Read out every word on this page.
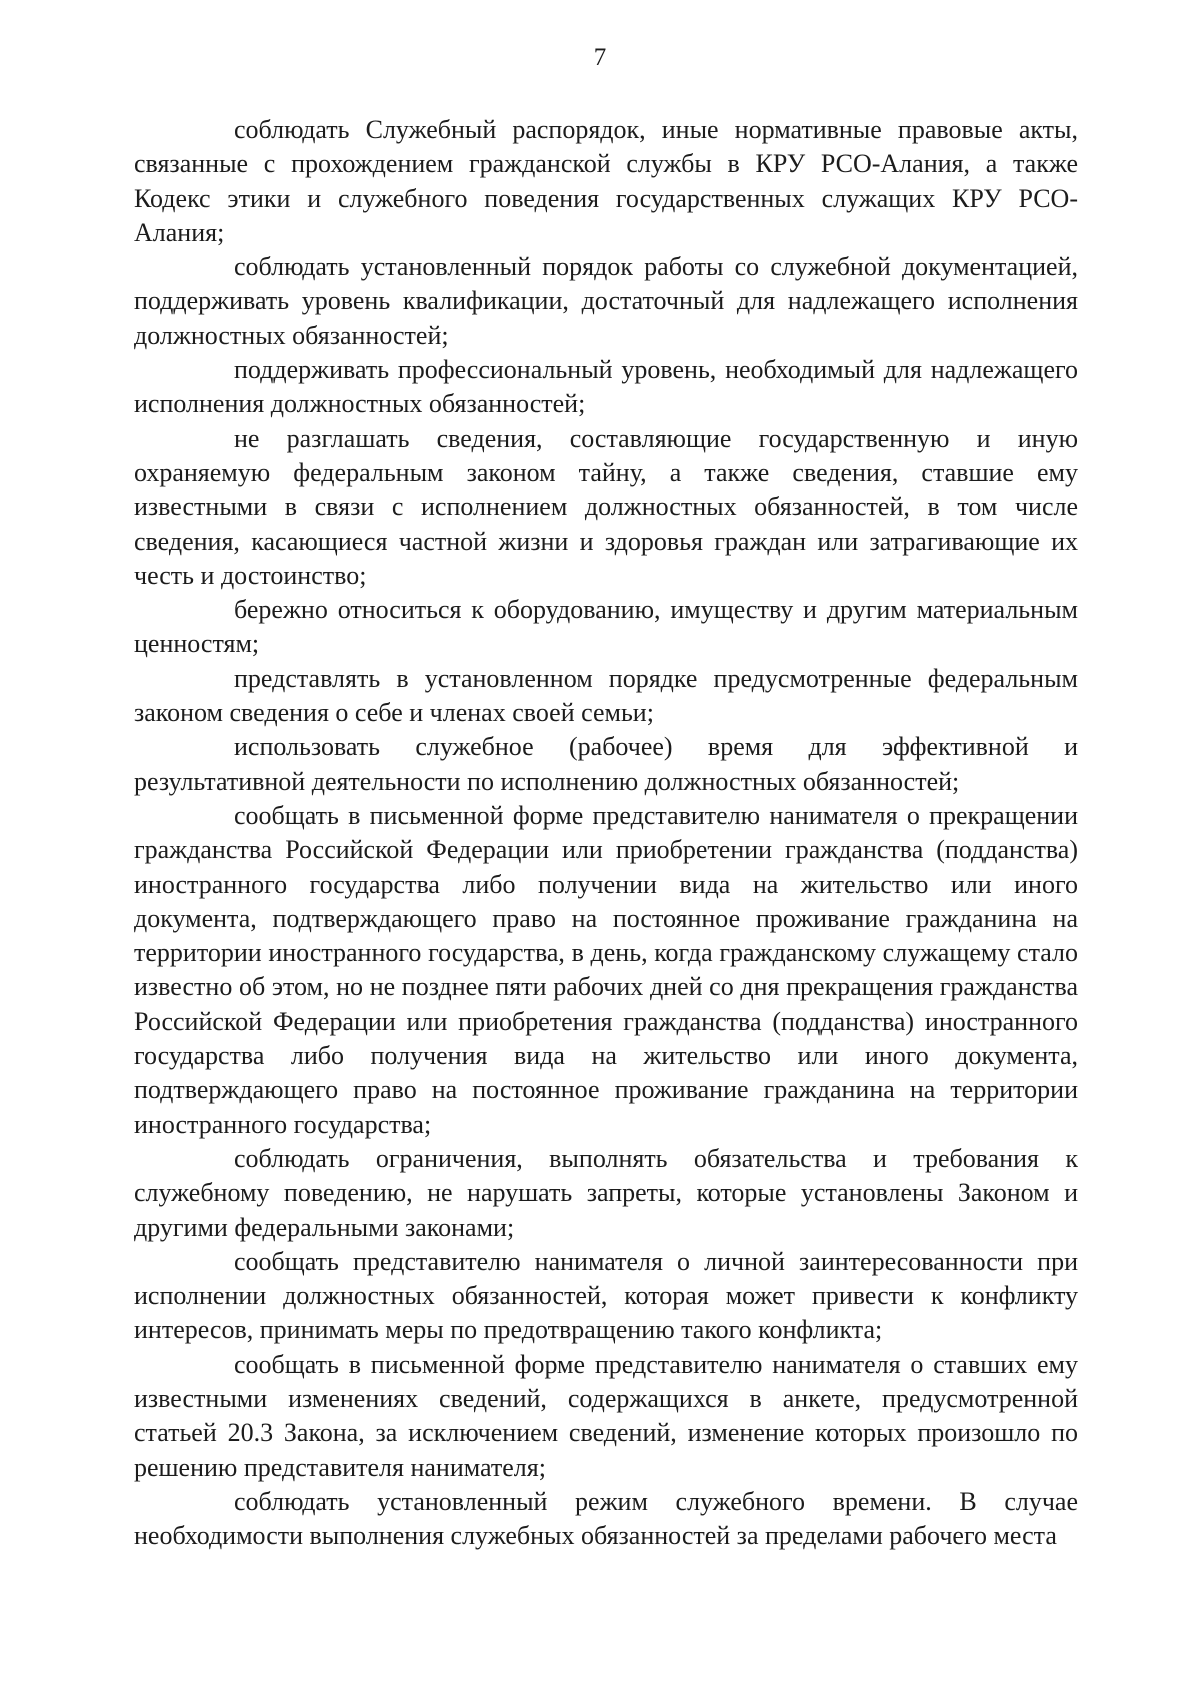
7

соблюдать Служебный распорядок, иные нормативные правовые акты, связанные с прохождением гражданской службы в КРУ РСО-Алания, а также Кодекс этики и служебного поведения государственных служащих КРУ РСО-Алания;

соблюдать установленный порядок работы со служебной документацией, поддерживать уровень квалификации, достаточный для надлежащего исполнения должностных обязанностей;

поддерживать профессиональный уровень, необходимый для надлежащего исполнения должностных обязанностей;

не разглашать сведения, составляющие государственную и иную охраняемую федеральным законом тайну, а также сведения, ставшие ему известными в связи с исполнением должностных обязанностей, в том числе сведения, касающиеся частной жизни и здоровья граждан или затрагивающие их честь и достоинство;

бережно относиться к оборудованию, имуществу и другим материальным ценностям;

представлять в установленном порядке предусмотренные федеральным законом сведения о себе и членах своей семьи;

использовать служебное (рабочее) время для эффективной и результативной деятельности по исполнению должностных обязанностей;

сообщать в письменной форме представителю нанимателя о прекращении гражданства Российской Федерации или приобретении гражданства (подданства) иностранного государства либо получении вида на жительство или иного документа, подтверждающего право на постоянное проживание гражданина на территории иностранного государства, в день, когда гражданскому служащему стало известно об этом, но не позднее пяти рабочих дней со дня прекращения гражданства Российской Федерации или приобретения гражданства (подданства) иностранного государства либо получения вида на жительство или иного документа, подтверждающего право на постоянное проживание гражданина на территории иностранного государства;

соблюдать ограничения, выполнять обязательства и требования к служебному поведению, не нарушать запреты, которые установлены Законом и другими федеральными законами;

сообщать представителю нанимателя о личной заинтересованности при исполнении должностных обязанностей, которая может привести к конфликту интересов, принимать меры по предотвращению такого конфликта;

сообщать в письменной форме представителю нанимателя о ставших ему известными изменениях сведений, содержащихся в анкете, предусмотренной статьей 20.3 Закона, за исключением сведений, изменение которых произошло по решению представителя нанимателя;

соблюдать установленный режим служебного времени. В случае необходимости выполнения служебных обязанностей за пределами рабочего места
